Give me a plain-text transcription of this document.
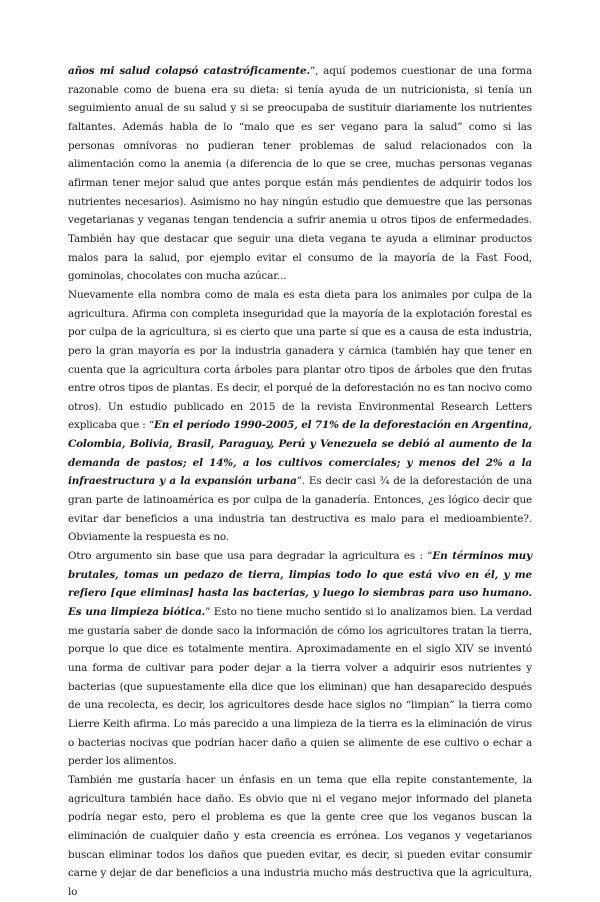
años mi salud colapsó catastróficamente.”, aquí podemos cuestionar de una forma razonable como de buena era su dieta: si tenía ayuda de un nutricionista, si tenía un seguimiento anual de su salud y si se preocupaba de sustituir diariamente los nutrientes faltantes. Además habla de lo “malo que es ser vegano para la salud” como si las personas omnívoras no pudieran tener problemas de salud relacionados con la alimentación como la anemia (a diferencia de lo que se cree, muchas personas veganas afirman tener mejor salud que antes porque están más pendientes de adquirir todos los nutrientes necesarios). Asimismo no hay ningún estudio que demuestre que las personas vegetarianas y veganas tengan tendencia a sufrir anemia u otros tipos de enfermedades. También hay que destacar que seguir una dieta vegana te ayuda a eliminar productos malos para la salud, por ejemplo evitar el consumo de la mayoría de la Fast Food, gominolas, chocolates con mucha azúcar...

Nuevamente ella nombra como de mala es esta dieta para los animales por culpa de la agricultura. Afirma con completa inseguridad que la mayoría de la explotación forestal es por culpa de la agricultura, si es cierto que una parte sí que es a causa de esta industria, pero la gran mayoría es por la industria ganadera y cárnica (también hay que tener en cuenta que la agricultura corta árboles para plantar otro tipos de árboles que den frutas entre otros tipos de plantas. Es decir, el porqué de la deforestación no es tan nocivo como otros). Un estudio publicado en 2015 de la revista Environmental Research Letters explicaba que : “En el período 1990-2005, el 71% de la deforestación en Argentina, Colombia, Bolivia, Brasil, Paraguay, Perú y Venezuela se debió al aumento de la demanda de pastos; el 14%, a los cultivos comerciales; y menos del 2% a la infraestructura y a la expansión urbana”. Es decir casi ¾ de la deforestación de una gran parte de latinoamérica es por culpa de la ganadería. Entonces, ¿es lógico decir que evitar dar beneficios a una industria tan destructiva es malo para el medioambiente?. Obviamente la respuesta es no.

Otro argumento sin base que usa para degradar la agricultura es : “En términos muy brutales, tomas un pedazo de tierra, limpias todo lo que está vivo en él, y me refiero [que eliminas] hasta las bacterias, y luego lo siembras para uso humano. Es una limpieza biótica.” Esto no tiene mucho sentido si lo analizamos bien. La verdad me gustaría saber de donde saco la información de cómo los agricultores tratan la tierra, porque lo que dice es totalmente mentira. Aproximadamente en el siglo XIV se inventó una forma de cultivar para poder dejar a la tierra volver a adquirir esos nutrientes y bacterias (que supuestamente ella dice que los eliminan) que han desaparecido después de una recolecta, es decir, los agricultores desde hace siglos no “limpian” la tierra como Lierre Keith afirma. Lo más parecido a una limpieza de la tierra es la eliminación de virus o bacterias nocivas que podrían hacer daño a quien se alimente de ese cultivo o echar a perder los alimentos.

También me gustaría hacer un énfasis en un tema que ella repite constantemente, la agricultura también hace daño. Es obvio que ni el vegano mejor informado del planeta podría negar esto, pero el problema es que la gente cree que los veganos buscan la eliminación de cualquier daño y esta creencia es errónea. Los veganos y vegetarianos buscan eliminar todos los daños que pueden evitar, es decir, si pueden evitar consumir carne y dejar de dar beneficios a una industria mucho más destructiva que la agricultura, lo
